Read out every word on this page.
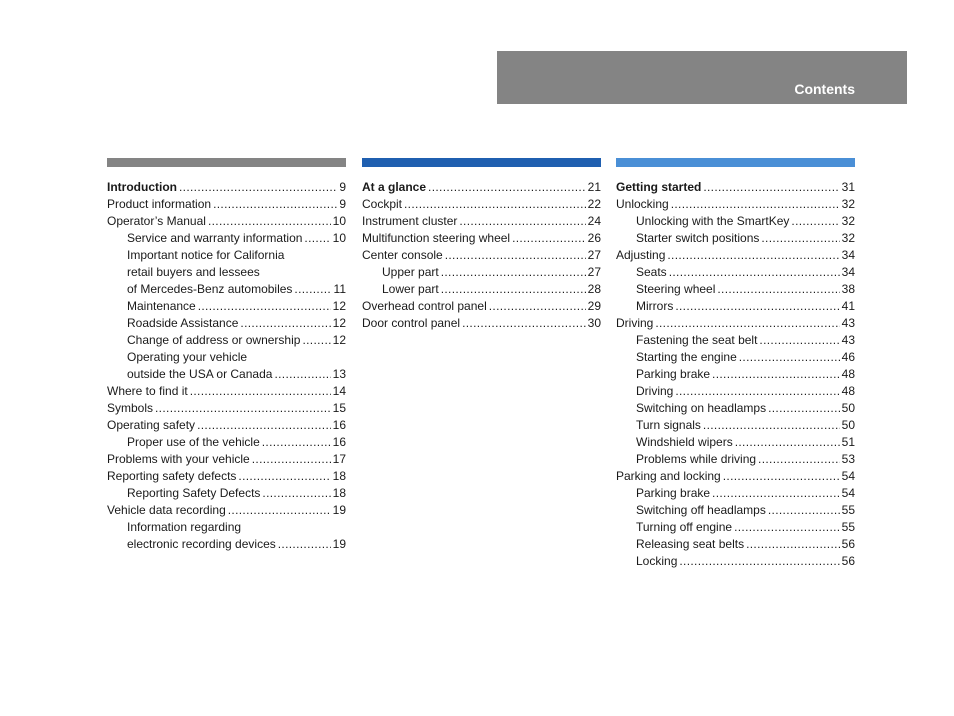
Contents
Introduction . . .	9
Product information . . .	9
Operator’s Manual . . .	10
Service and warranty information . . .	10
Important notice for California
retail buyers and lessees
of Mercedes-Benz automobiles . . .	11
Maintenance . . .	12
Roadside Assistance . . .	12
Change of address or ownership . . .	12
Operating your vehicle
outside the USA or Canada . . .	13
Where to find it . . .	14
Symbols . . .	15
Operating safety . . .	16
Proper use of the vehicle . . .	16
Problems with your vehicle . . .	17
Reporting safety defects . . .	18
Reporting Safety Defects . . .	18
Vehicle data recording . . .	19
Information regarding
electronic recording devices . . .	19
At a glance . . .	21
Cockpit . . .	22
Instrument cluster . . .	24
Multifunction steering wheel . . .	26
Center console . . .	27
Upper part . . .	27
Lower part . . .	28
Overhead control panel . . .	29
Door control panel . . .	30
Getting started . . .	31
Unlocking . . .	32
Unlocking with the SmartKey . . .	32
Starter switch positions . . .	32
Adjusting . . .	34
Seats . . .	34
Steering wheel . . .	38
Mirrors . . .	41
Driving . . .	43
Fastening the seat belt . . .	43
Starting the engine . . .	46
Parking brake . . .	48
Driving . . .	48
Switching on headlamps . . .	50
Turn signals . . .	50
Windshield wipers . . .	51
Problems while driving . . .	53
Parking and locking . . .	54
Parking brake . . .	54
Switching off headlamps . . .	55
Turning off engine . . .	55
Releasing seat belts . . .	56
Locking . . .	56
